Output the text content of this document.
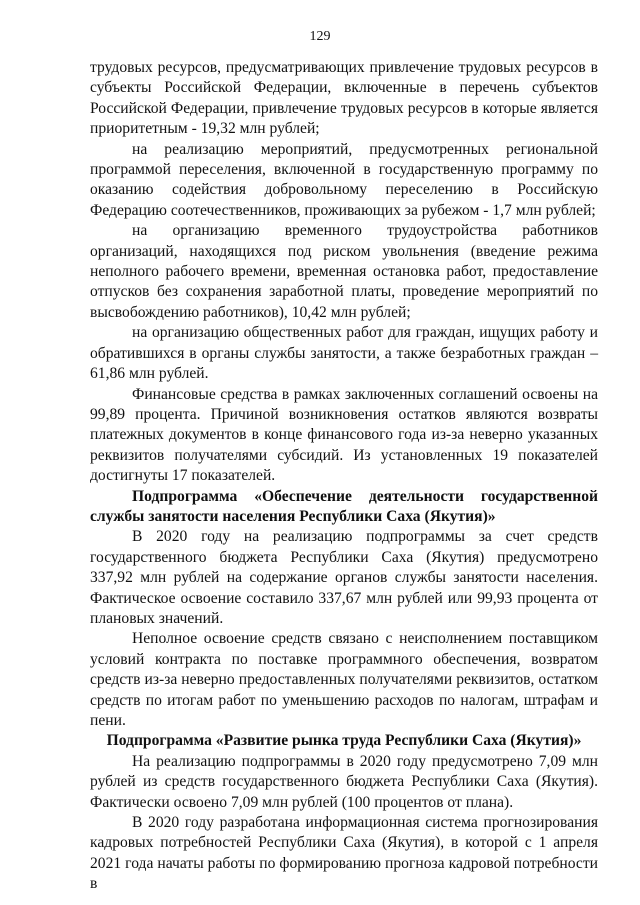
129

трудовых ресурсов, предусматривающих привлечение трудовых ресурсов в субъекты Российской Федерации, включенные в перечень субъектов Российской Федерации, привлечение трудовых ресурсов в которые является приоритетным - 19,32 млн рублей;

на реализацию мероприятий, предусмотренных региональной программой переселения, включенной в государственную программу по оказанию содействия добровольному переселению в Российскую Федерацию соотечественников, проживающих за рубежом - 1,7 млн рублей;

на организацию временного трудоустройства работников организаций, находящихся под риском увольнения (введение режима неполного рабочего времени, временная остановка работ, предоставление отпусков без сохранения заработной платы, проведение мероприятий по высвобождению работников), 10,42 млн рублей;

на организацию общественных работ для граждан, ищущих работу и обратившихся в органы службы занятости, а также безработных граждан – 61,86 млн рублей.

Финансовые средства в рамках заключенных соглашений освоены на 99,89 процента. Причиной возникновения остатков являются возвраты платежных документов в конце финансового года из-за неверно указанных реквизитов получателями субсидий. Из установленных 19 показателей достигнуты 17 показателей.

Подпрограмма «Обеспечение деятельности государственной службы занятости населения Республики Саха (Якутия)»

В 2020 году на реализацию подпрограммы за счет средств государственного бюджета Республики Саха (Якутия) предусмотрено 337,92 млн рублей на содержание органов службы занятости населения. Фактическое освоение составило 337,67 млн рублей или 99,93 процента от плановых значений.

Неполное освоение средств связано с неисполнением поставщиком условий контракта по поставке программного обеспечения, возвратом средств из-за неверно предоставленных получателями реквизитов, остатком средств по итогам работ по уменьшению расходов по налогам, штрафам и пени.

Подпрограмма «Развитие рынка труда Республики Саха (Якутия)»

На реализацию подпрограммы в 2020 году предусмотрено 7,09 млн рублей из средств государственного бюджета Республики Саха (Якутия). Фактически освоено 7,09 млн рублей (100 процентов от плана).

В 2020 году разработана информационная система прогнозирования кадровых потребностей Республики Саха (Якутия), в которой с 1 апреля 2021 года начаты работы по формированию прогноза кадровой потребности в
